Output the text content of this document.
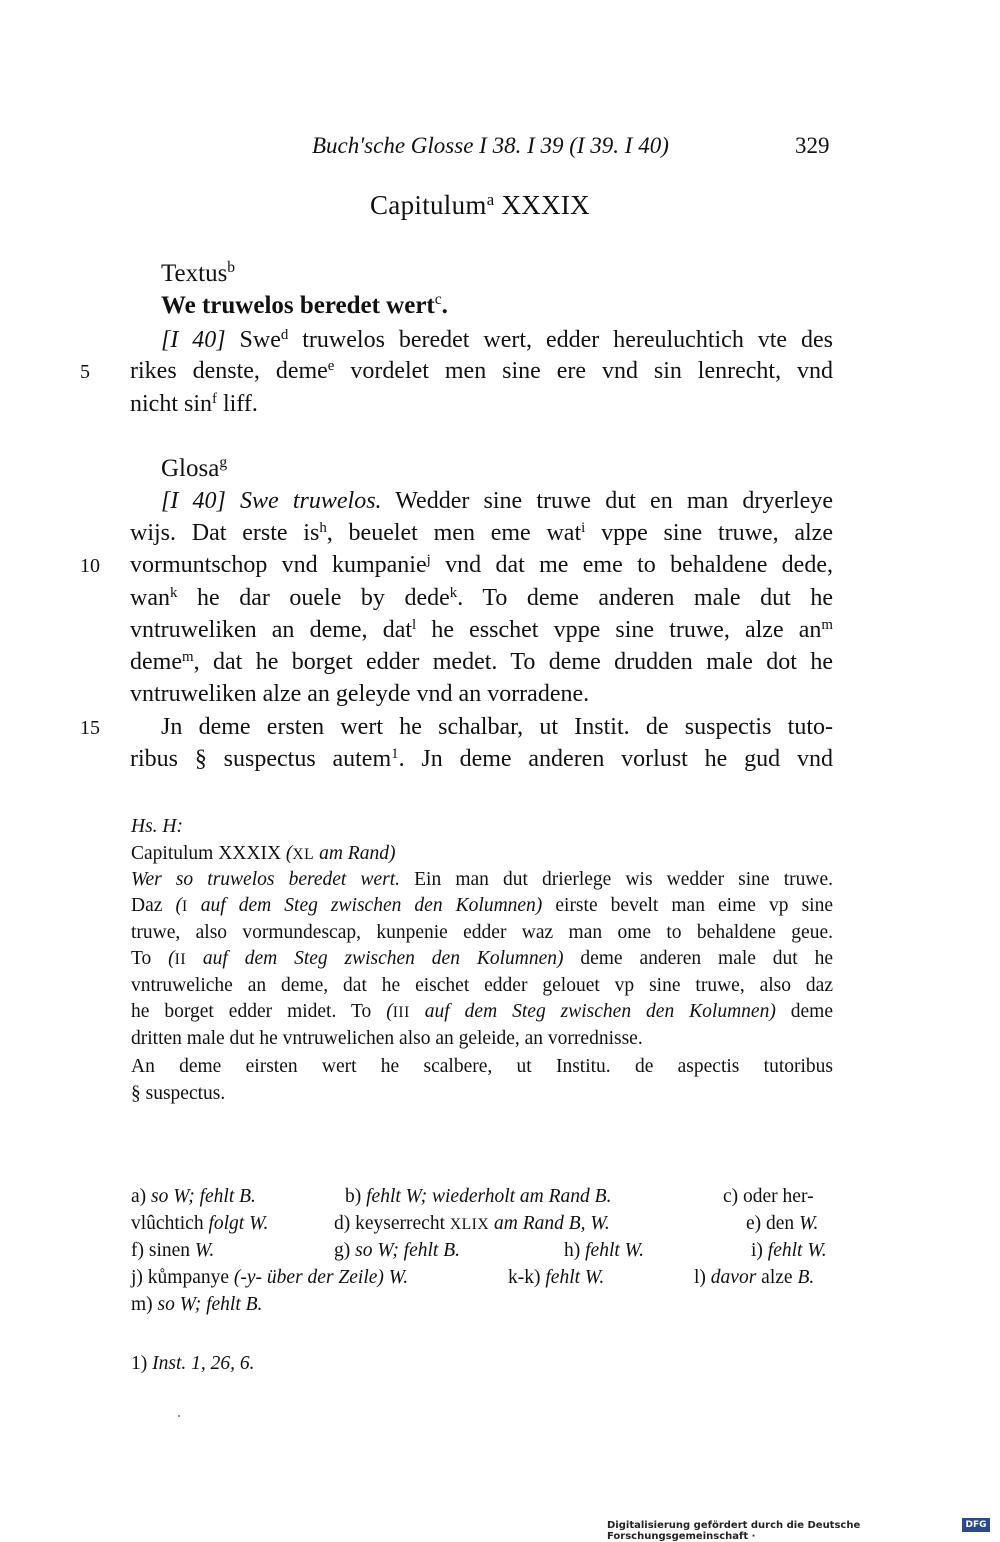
Buch'sche Glosse I 38. I 39 (I 39. I 40)	329
Capitulum$^a$ XXXIX
Textus$^b$
We truwelos beredet wert$^c$.
[I 40] Swe$^d$ truwelos beredet wert, edder hereuluchtich vte des
rikes denste, deme$^e$ vordelet men sine ere vnd sin lenrecht, vnd
nicht $\sin^f$ liff.
Glosa$^g$
[I 40] Swe truwelos. Wedder sine truwe dut en man dryerleye
wijs. Dat erste $is^h$, beuelet men eme wat$^i$ vppe sine truwe, alze
vormuntschop vnd kumpanie$^j$ vnd dat me eme to behaldene dede,
wan$^k$ he dar ouele by dede$^k$. To deme anderen male dut he
vntruweliken an deme, dat$^l$ he esschet vppe sine truwe, alze $an^m$
deme$^m$, dat he borget edder medet. To deme drudden male dot he
vntruweliken alze an geleyde vnd an vorradene.
Jn deme ersten wert he schalbar, ut Instit. de suspectis tuto-
ribus § suspectus autem$^1$. Jn deme anderen vorlust he gud vnd
5
10
15
Hs. H:
Capitulum XXXIX (XL am Rand)
Wer so truwelos beredet wert. Ein man dut drierlege wis wedder sine truwe.
Daz (I auf dem Steg zwischen den Kolumnen) eirste bevelt man eime vp sine
truwe, also vormundescap, kunpenie edder waz man ome to behaldene geue.
To (II auf dem Steg zwischen den Kolumnen) deme anderen male dut he
vntruweliche an deme, dat he eischet edder gelouet vp sine truwe, also daz
he borget edder midet. To (III auf dem Steg zwischen den Kolumnen) deme
dritten male dut he vntruwelichen also an geleide, an vorrednisse.
An deme eirsten wert he scalbere, ut Institu. de aspectis tutoribus
§ suspectus.
a) so W; fehlt B.	b) fehlt W; wiederholt am Rand B.	c) oder her-
vlûchtich folgt W.	d) keyserrecht XLIX am Rand B, W.	e) den W.
f) sinen W.	g) so W; fehlt B.	h) fehlt W.	i) fehlt W.
j) kůmpanye (-y- über der Zeile) W.	k-k) fehlt W.	l) davor alze B.
m) so W; fehlt B.
1) Inst. 1, 26, 6.
Digitalisierung gefördert durch die Deutsche Forschungsgemeinschaft ·
DFG
